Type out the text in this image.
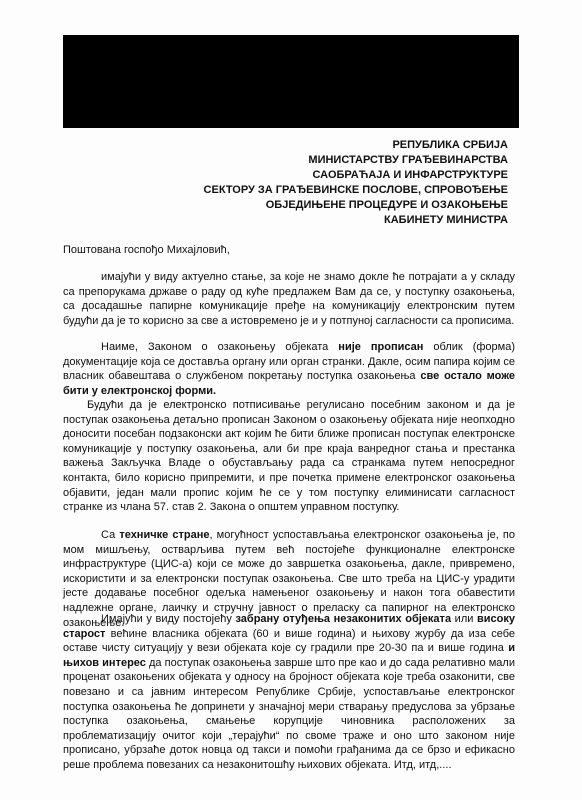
РЕПУБЛИКА СРБИЈА
МИНИСТАРСТВУ ГРАЂЕВИНАРСТВА
САОБРАЋАЈА И ИНФАРСТРУКТУРЕ
СЕКТОРУ ЗА ГРАЂЕВИНСКЕ ПОСЛОВЕ, СПРОВОЂЕЊЕ
ОБЈЕДИЊЕНЕ ПРОЦЕДУРЕ И ОЗАКОЊЕЊЕ
КАБИНЕТУ МИНИСТРА
Поштована госпођо Михајловић,

имајући у виду актуелно стање, за које не знамо докле ће потрајати а у складу са препорукама државе о раду од куће предлажем Вам да се, у поступку озакоњења, са досадашње папирне комуникације пређе на комуникацију електронским путем будући да је то корисно за све а истовремено је и у потпуној сагласности са прописима.

Наиме, Законом о озакоњењу објеката није прописан облик (форма) документације која се доставља органу или орган странки. Дакле, осим папира којим се власник обавештава о службеном покретању поступка озакоњења све остало може бити у електронској форми.

Будући да је електронско потписивање регулисано посебним законом и да је поступак озакоњења детаљно прописан Законом о озакоњењу објеката није неопходно доносити посебан подзаконски акт којим ће бити ближе прописан поступак електронске комуникације у поступку озакоњења, али би пре краја ванредног стања и престанка важења Закључка Владе о обустављању рада са странкама путем непосредног контакта, било корисно припремити, и пре почетка примене електронског озакоњења објавити, један мали пропис којим ће се у том поступку елиминисати сагласност странке из члана 57. став 2. Закона о општем управном поступку.

Са техничке стране, могућност успостављања електронског озакоњења је, по мом мишљењу, остварљива путем већ постојеће функционалне електронске инфраструктуре (ЦИС-а) који се може до завршетка озакоњења, дакле, привремено, искористити и за електронски поступак озакоњења. Све што треба на ЦИС-у урадити јесте додавање посебног одељка намењеног озакоњењу и након тога обавестити надлежне органе, лаичку и стручну јавност о преласку са папирног на електронско озакоњење.

Имајући у виду постојећу забрану отуђења незаконитих објеката или високу старост већине власника објеката (60 и више година) и њихову журбу да иза себе оставе чисту ситуацију у вези објеката које су градили пре 20-30 па и више година и њихов интерес да поступак озакоњења заврше што пре као и до сада релативно мали проценат озакоњених објеката у односу на бројност објеката које треба озаконити, све повезано и са јавним интересом Републике Србије, успостављање електронског поступка озакоњења ће допринети у значајној мери стварању предуслова за убрзање поступка озакоњења, смањење корупције чиновника расположених за проблематизацију очитог који „терајући“ по своме траже и оно што законом није прописано, убрзаће доток новца од такси и помоћи грађанима да се брзо и ефикасно реше проблема повезаних са незаконитошћу њихових објеката. Итд, итд,....
